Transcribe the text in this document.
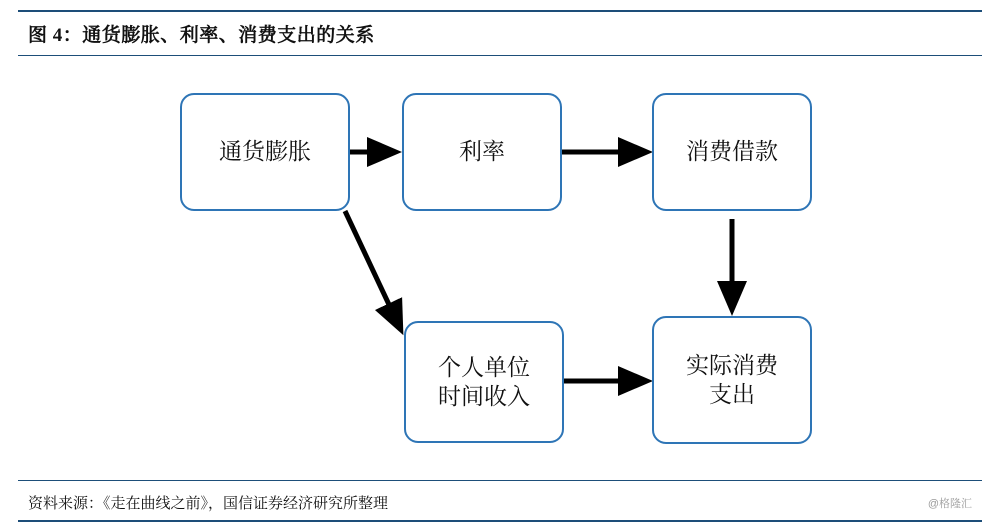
图 4：通货膨胀、利率、消费支出的关系
通货膨胀	利率	消费借款
个人单位
时间收入
实际消费
支出
资料来源：《走在曲线之前》，国信证券经济研究所整理	@格隆汇
